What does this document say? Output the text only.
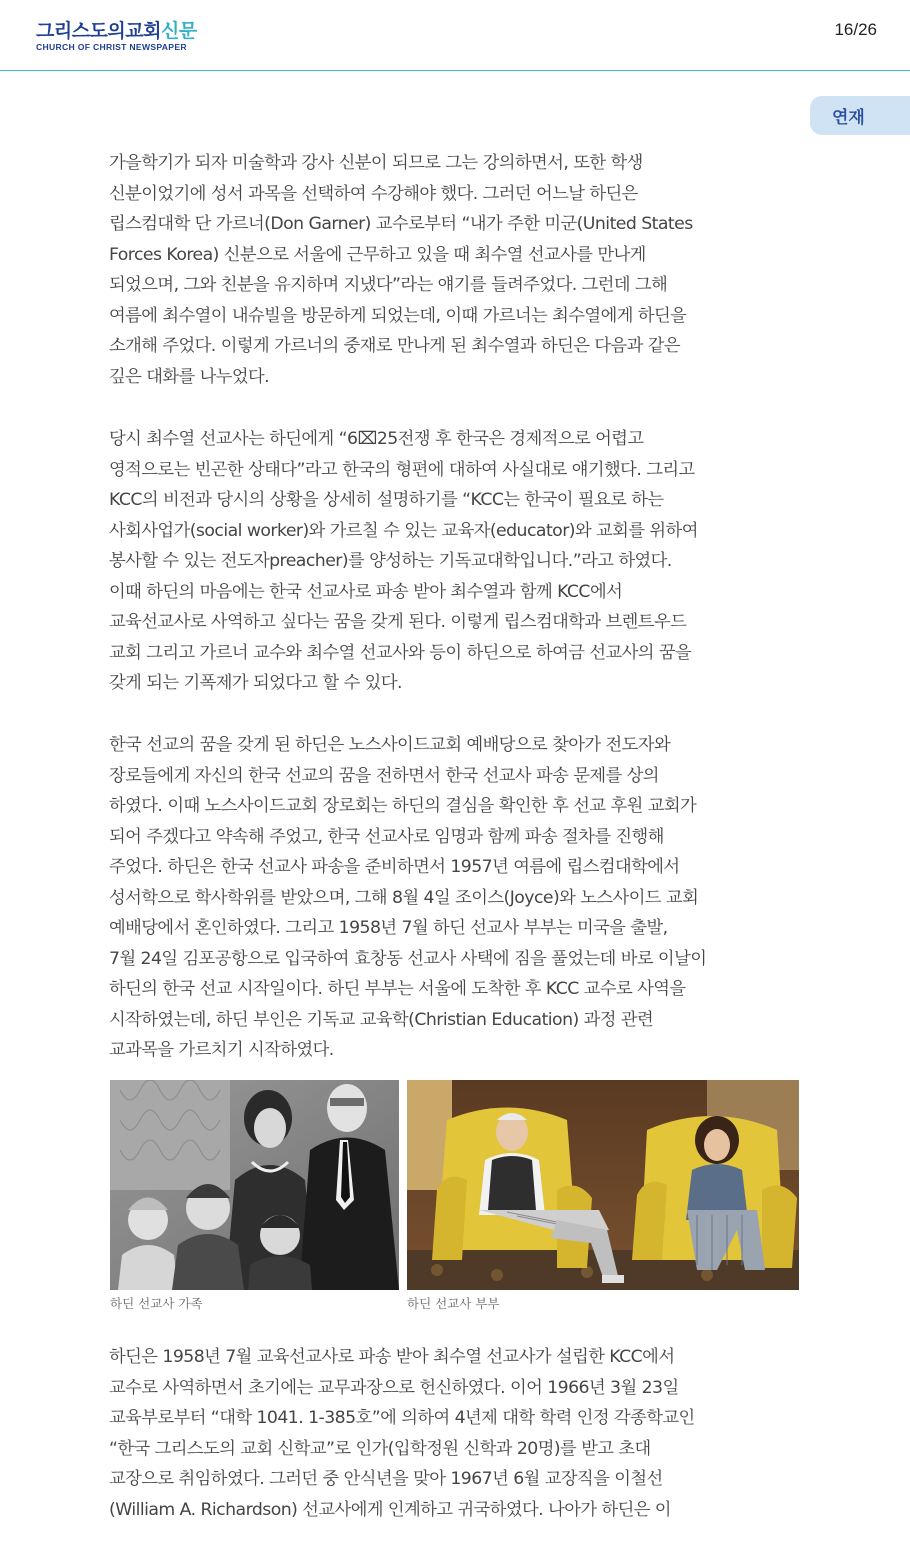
그리스도의교회신문
CHURCH OF CHRIST NEWSPAPER
16/26
연재
가을학기가 되자 미술학과 강사 신분이 되므로 그는 강의하면서, 또한 학생
신분이었기에 성서 과목을 선택하여 수강해야 했다. 그러던 어느날 하딘은
립스컴대학 단 가르너(Don Garner) 교수로부터 “내가 주한 미군(United States
Forces Korea) 신분으로 서울에 근무하고 있을 때 최수열 선교사를 만나게
되었으며, 그와 친분을 유지하며 지냈다”라는 얘기를 들려주었다. 그런데 그해
여름에 최수열이 내슈빌을 방문하게 되었는데, 이때 가르너는 최수열에게 하딘을
소개해 주었다. 이렇게 가르너의 중재로 만나게 된 최수열과 하딘은 다음과 같은
깊은 대화를 나누었다.
당시 최수열 선교사는 하딘에게 “6⌧25전쟁 후 한국은 경제적으로 어렵고
영적으로는 빈곤한 상태다”라고 한국의 형편에 대하여 사실대로 얘기했다. 그리고
KCC의 비전과 당시의 상황을 상세히 설명하기를 “KCC는 한국이 필요로 하는
사회사업가(social worker)와 가르칠 수 있는 교육자(educator)와 교회를 위하여
봉사할 수 있는 전도자preacher)를 양성하는 기독교대학입니다.”라고 하였다.
이때 하딘의 마음에는 한국 선교사로 파송 받아 최수열과 함께 KCC에서
교육선교사로 사역하고 싶다는 꿈을 갖게 된다. 이렇게 립스컴대학과 브렌트우드
교회 그리고 가르너 교수와 최수열 선교사와 등이 하딘으로 하여금 선교사의 꿈을
갖게 되는 기폭제가 되었다고 할 수 있다.
한국 선교의 꿈을 갖게 된 하딘은 노스사이드교회 예배당으로 찾아가 전도자와
장로들에게 자신의 한국 선교의 꿈을 전하면서 한국 선교사 파송 문제를 상의
하였다. 이때 노스사이드교회 장로회는 하딘의 결심을 확인한 후 선교 후원 교회가
되어 주겠다고 약속해 주었고, 한국 선교사로 임명과 함께 파송 절차를 진행해
주었다. 하딘은 한국 선교사 파송을 준비하면서 1957년 여름에 립스컴대학에서
성서학으로 학사학위를 받았으며, 그해 8월 4일 조이스(Joyce)와 노스사이드 교회
예배당에서 혼인하였다. 그리고 1958년 7월 하딘 선교사 부부는 미국을 출발,
7월 24일 김포공항으로 입국하여 효창동 선교사 사택에 짐을 풀었는데 바로 이날이
하딘의 한국 선교 시작일이다. 하딘 부부는 서울에 도착한 후 KCC 교수로 사역을
시작하였는데, 하딘 부인은 기독교 교육학(Christian Education) 과정 관련
교과목을 가르치기 시작하였다.
하딘 선교사 가족	하딘 선교사 부부
하딘은 1958년 7월 교육선교사로 파송 받아 최수열 선교사가 설립한 KCC에서
교수로 사역하면서 초기에는 교무과장으로 헌신하였다. 이어 1966년 3월 23일
교육부로부터 “대학 1041. 1-385호”에 의하여 4년제 대학 학력 인정 각종학교인
“한국 그리스도의 교회 신학교”로 인가(입학정원 신학과 20명)를 받고 초대
교장으로 취임하였다. 그러던 중 안식년을 맞아 1967년 6월 교장직을 이철선
(William A. Richardson) 선교사에게 인계하고 귀국하였다. 나아가 하딘은 이
